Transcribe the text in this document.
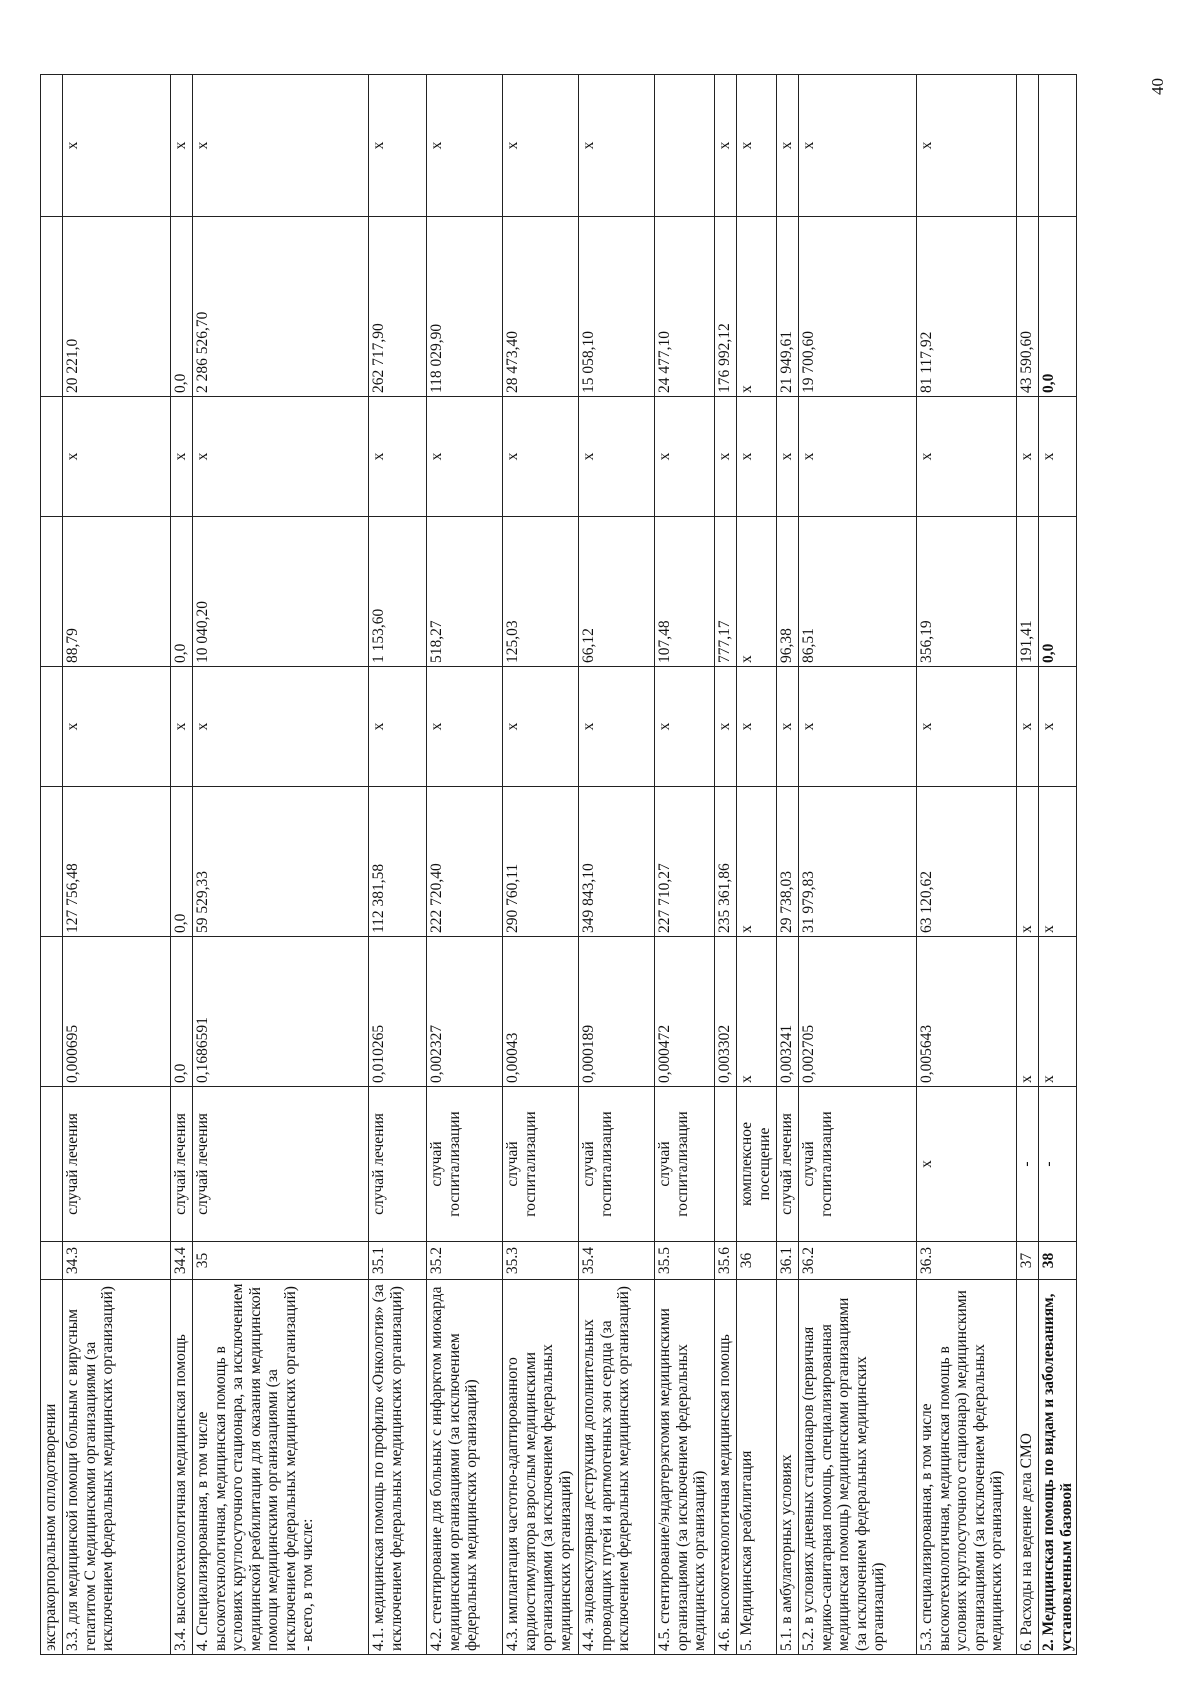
экстракорпоральном оплодотворении									
3.3. для медицинской помощи больным с вирусным гепатитом С медицинскими организациями (за исключением федеральных медицинских организаций)	34.3	случай лечения	0,000695	127 756,48	х	88,79	х	20 221,0	х
3.4. высокотехнологичная медицинская помощь	34.4	случай лечения	0,0	0,0	х	0,0	х	0,0	х
4. Специализированная, в том числе высокотехнологичная, медицинская помощь в условиях круглосуточного стационара, за исключением медицинской реабилитации для оказания медицинской помощи медицинскими организациями (за исключением федеральных медицинских организаций) - всего, в том числе:	35	случай лечения	0,1686591	59 529,33	х	10 040,20	х	2 286 526,70	х
4.1. медицинская помощь по профилю «Онкология» (за исключением федеральных медицинских организаций)	35.1	случай лечения	0,010265	112 381,58	х	1 153,60	х	262 717,90	х
4.2. стентирование для больных с инфарктом миокарда медицинскими организациями (за исключением федеральных медицинских организаций)	35.2	случай госпитализации	0,002327	222 720,40	х	518,27	х	118 029,90	х
4.3. имплантация частотно-адаптированного кардиостимулятора взрослым медицинскими организациями (за исключением федеральных медицинских организаций)	35.3	случай госпитализации	0,00043	290 760,11	х	125,03	х	28 473,40	х
4.4. эндоваскулярная деструкция дополнительных проводящих путей и аритмогенных зон сердца (за исключением федеральных медицинских организаций)	35.4	случай госпитализации	0,000189	349 843,10	х	66,12	х	15 058,10	х
4.5. стентирование/эндартерэктомия медицинскими организациями (за исключением федеральных медицинских организаций)	35.5	случай госпитализации	0,000472	227 710,27	х	107,48	х	24 477,10	
4.6. высокотехнологичная медицинская помощь	35.6		0,003302	235 361,86	х	777,17	х	176 992,12	х
5. Медицинская реабилитация	36	комплексное посещение	х	х	х	х	х	х	х
5.1. в амбулаторных условиях	36.1	случай лечения	0,003241	29 738,03	х	96,38	х	21 949,61	х
5.2. в условиях дневных стационаров (первичная медико-санитарная помощь, специализированная медицинская помощь) медицинскими организациями (за исключением федеральных медицинских организаций)	36.2	случай госпитализации	0,002705	31 979,83	х	86,51	х	19 700,60	х
5.3. специализированная, в том числе высокотехнологичная, медицинская помощь в условиях круглосуточного стационара) медицинскими организациями (за исключением федеральных медицинских организаций)	36.3	х	0,005643	63 120,62	х	356,19	х	81 117,92	х
6. Расходы на ведение дела СМО	37	-	х	х	х	191,41	х	43 590,60	
2. Медицинская помощь по видам и заболеваниям, установленным базовой	38	-	х	х	х	0,0	х	0,0	
40
